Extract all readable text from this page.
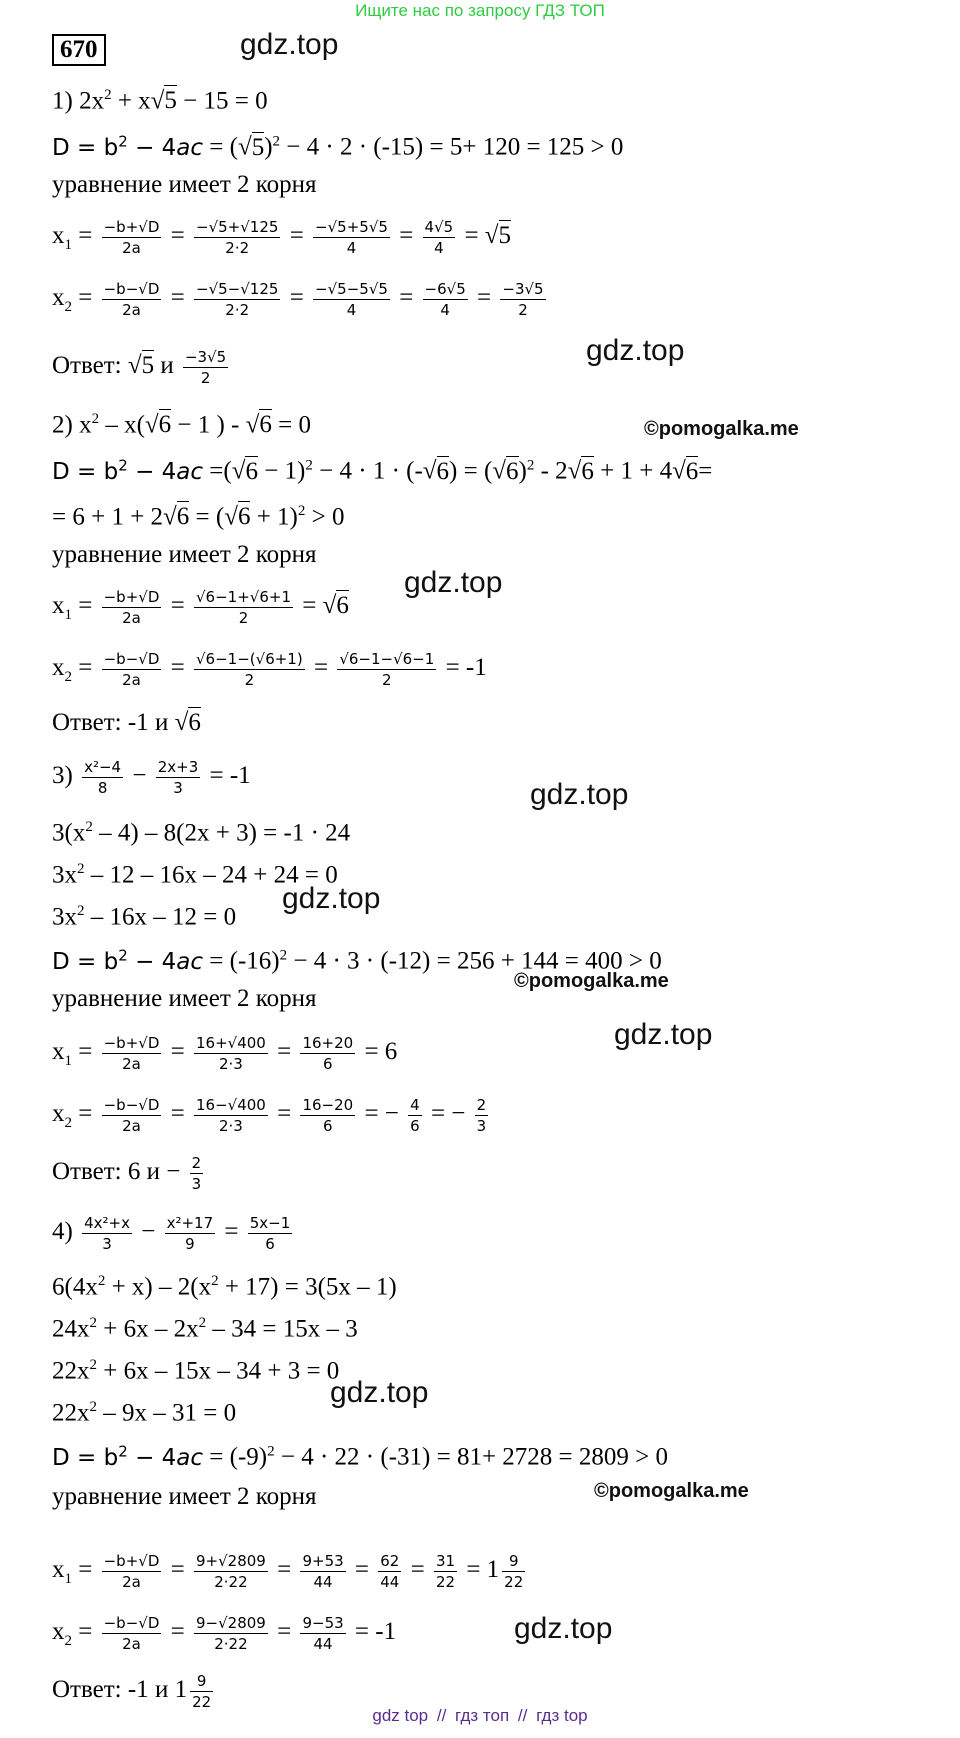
Ищите нас по запросу ГДЗ ТОП
670	gdz.top
1) $2x^2 + x√5 - 15 = 0$
$D = b^2 - 4ac = (√5)^2 - 4 \cdot 2 \cdot (-15) = 5+ 120 = 125 > 0$
уравнение имеет 2 корня
$x_1 = \frac{-b+√D}{2a} = \frac{-√5+√125}{2\cdot 2} = \frac{-√5+5√5}{4} = \frac{4√5}{4} = √5$
$x_2 = \frac{-b-√D}{2a} = \frac{-√5-√125}{2\cdot 2} = \frac{-√5-5√5}{4} = \frac{-6√5}{4} = \frac{-3√5}{2}$
Ответ: √5 и $\frac{-3√5}{2}$	gdz.top
2) $x^2 - x(√6 - 1$ ) - √6 = 0	©pomogalka.me
$D = b^2 - 4ac =(√6 - 1)^2 - 4 \cdot 1 \cdot (-√6) = (√6)^2 - 2√6 + 1 + 4√6=$
= $6 + 1 + 2√6 = (√6 + 1)^2 > 0$
уравнение имеет 2 корня
gdz.top
$x_1 = \frac{-b+√D}{2a} = \frac{√6-1+√6+1}{2} = √6$
$x_2 = \frac{-b-√D}{2a} = \frac{√6-1-(√6+1)}{2} = \frac{√6-1-√6-1}{2} = -1$
Ответ: -1 и √6
$3) \frac{\text{x²−4}}{8} - \frac{2x+3}{3} = -1$
gdz.top
$3(x^2 - 4) - 8(2x + 3) = -1 \cdot 24$
$3x^2 - 12 - 16x - 24 + 24 = 0$
$3x^2 - 16x - 12 = 0$
gdz.top
$D = b^2 - 4ac = (-16)^2 - 4 \cdot 3 \cdot (-12) = 256 + 144 = 400 > 0$
уравнение имеет 2 корня
©pomogalka.me
$x_1 = \frac{-b+√D}{2a} = \frac{16+√400}{2\cdot 3} = \frac{16+20}{6} = 6$
gdz.top
$x_2 = \frac{-b-√D}{2a} = \frac{16-√400}{2\cdot 3} = \frac{16-20}{6}$ = − $\frac{4}{6}$ = − $\frac{2}{3}$
Ответ: 6 $и - \frac{2}{3}$
$4) \frac{\text{4x²+x}}{3} - \frac{\text{x²+17}}{9} = \frac{5x-1}{6}$
$6(4x^2 + x) - 2(x^2 + 17) = 3(5x - 1)$
$24x^2 + 6x - 2x^2 - 34 = 15x - 3$
$22x^2 + 6x - 15x - 34 + 3 = 0$
$22x^2 - 9x - 31 = 0$
gdz.top
$D = b^2 - 4ac = (-9)^2 - 4 \cdot 22 \cdot (-31) = 81+ 2728 = 2809 > 0$
уравнение имеет 2 корня	©pomogalka.me
$x_1 = \frac{-b+√D}{2a} = \frac{9+√2809}{2\cdot 22} = \frac{9+53}{44} = \frac{62}{44} = \frac{31}{22} = 1 \frac{9}{22}$
$x_2 = \frac{-b-√D}{2a} = \frac{9-√2809}{2\cdot 22} = \frac{9-53}{44} = -1$	gdz.top
Ответ: -1 и $1 \frac{9}{22}$
gdz top // гдз топ // гдз top
